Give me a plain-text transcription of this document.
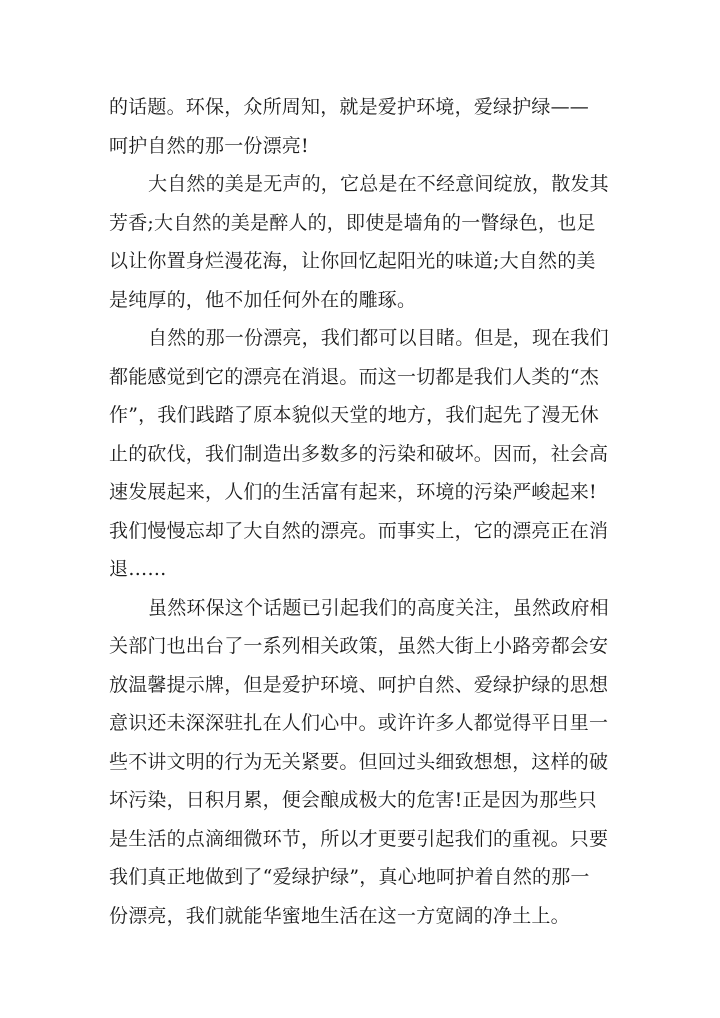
的话题。环保，众所周知，就是爱护环境，爱绿护绿——
呵护自然的那一份漂亮!
大自然的美是无声的，它总是在不经意间绽放，散发其
芳香;大自然的美是醉人的，即使是墙角的一瞥绿色，也足
以让你置身烂漫花海，让你回忆起阳光的味道;大自然的美
是纯厚的，他不加任何外在的雕琢。
自然的那一份漂亮，我们都可以目睹。但是，现在我们
都能感觉到它的漂亮在消退。而这一切都是我们人类的“杰
作”，我们践踏了原本貌似天堂的地方，我们起先了漫无休
止的砍伐，我们制造出多数多的污染和破坏。因而，社会高
速发展起来，人们的生活富有起来，环境的污染严峻起来!
我们慢慢忘却了大自然的漂亮。而事实上，它的漂亮正在消
退……
虽然环保这个话题已引起我们的高度关注，虽然政府相
关部门也出台了一系列相关政策，虽然大街上小路旁都会安
放温馨提示牌，但是爱护环境、呵护自然、爱绿护绿的思想
意识还未深深驻扎在人们心中。或许许多人都觉得平日里一
些不讲文明的行为无关紧要。但回过头细致想想，这样的破
坏污染，日积月累，便会酿成极大的危害!正是因为那些只
是生活的点滴细微环节，所以才更要引起我们的重视。只要
我们真正地做到了“爱绿护绿”，真心地呵护着自然的那一
份漂亮，我们就能华蜜地生活在这一方宽阔的净土上。
